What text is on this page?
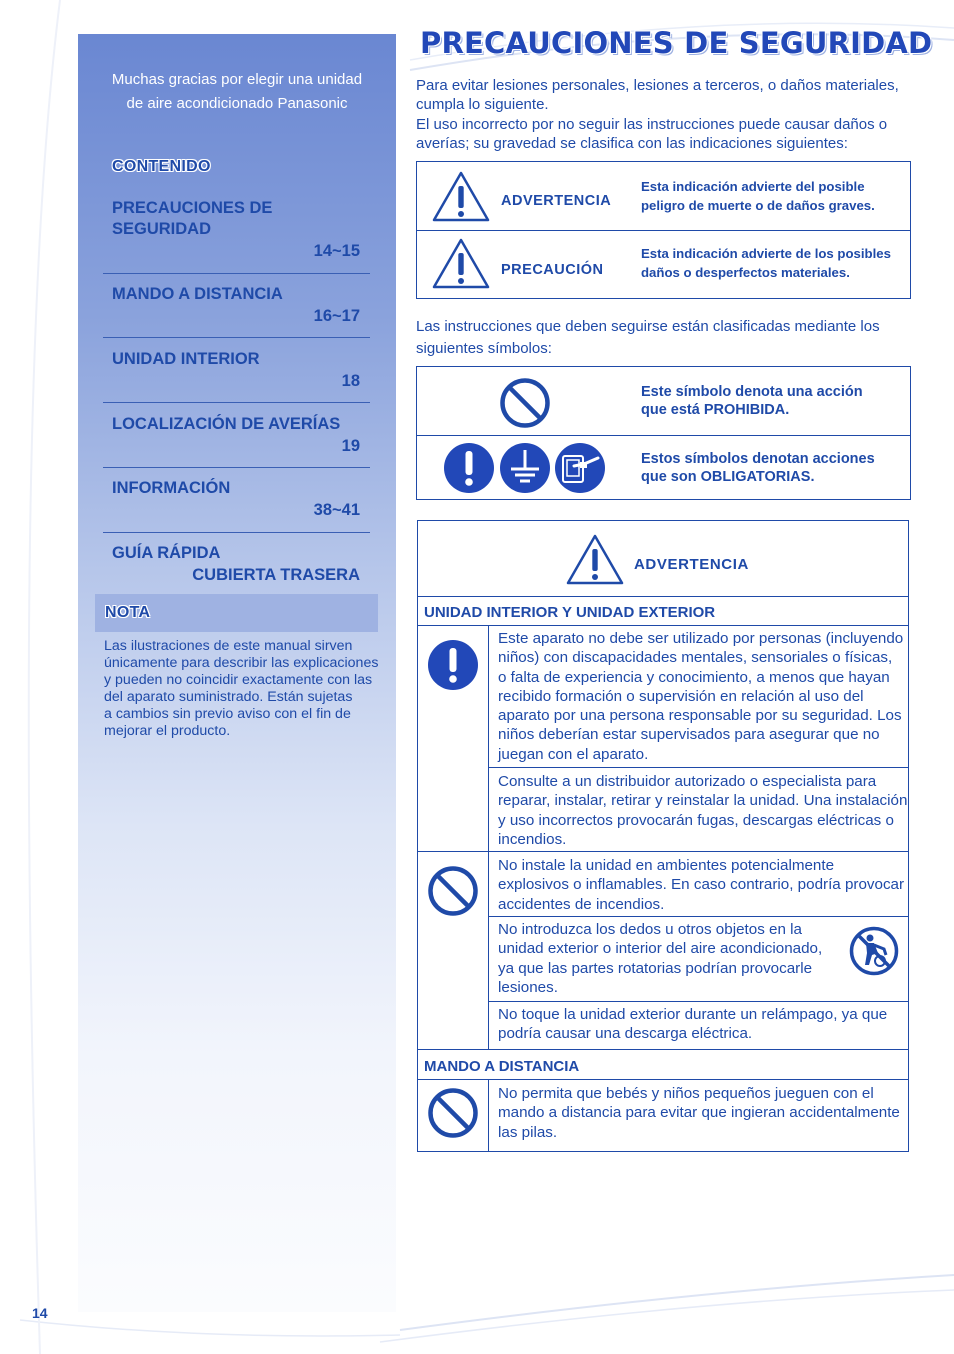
Muchas gracias por elegir una unidad
de aire acondicionado Panasonic
CONTENIDO
PRECAUCIONES DE
SEGURIDAD
14~15
MANDO A DISTANCIA
16~17
UNIDAD INTERIOR
18
LOCALIZACIÓN DE AVERÍAS
19
INFORMACIÓN
38~41
GUÍA RÁPIDA
CUBIERTA TRASERA
NOTA
Las ilustraciones de este manual sirven
únicamente para describir las explicaciones
y pueden no coincidir exactamente con las
del aparato suministrado. Están sujetas
a cambios sin previo aviso con el fin de
mejorar el producto.
14
PRECAUCIONES DE SEGURIDAD
Para evitar lesiones personales, lesiones a terceros, o daños materiales,
cumpla lo siguiente.
El uso incorrecto por no seguir las instrucciones puede causar daños o
averías; su gravedad se clasifica con las indicaciones siguientes:
ADVERTENCIA
Esta indicación advierte del posible
peligro de muerte o de daños graves.
PRECAUCIÓN
Esta indicación advierte de los posibles
daños o desperfectos materiales.
Las instrucciones que deben seguirse están clasificadas mediante los
siguientes símbolos:
Este símbolo denota una acción
que está PROHIBIDA.
Estos símbolos denotan acciones
que son OBLIGATORIAS.
ADVERTENCIA
UNIDAD INTERIOR Y UNIDAD EXTERIOR
Este aparato no debe ser utilizado por personas (incluyendo
niños) con discapacidades mentales, sensoriales o físicas,
o falta de experiencia y conocimiento, a menos que hayan
recibido formación o supervisión en relación al uso del
aparato por una persona responsable por su seguridad. Los
niños deberían estar supervisados para asegurar que no
juegan con el aparato.
Consulte a un distribuidor autorizado o especialista para
reparar, instalar, retirar y reinstalar la unidad. Una instalación
y uso incorrectos provocarán fugas, descargas eléctricas o
incendios.
No instale la unidad en ambientes potencialmente
explosivos o inflamables. En caso contrario, podría provocar
accidentes de incendios.
No introduzca los dedos u otros objetos en la
unidad exterior o interior del aire acondicionado,
ya que las partes rotatorias podrían provocarle
lesiones.
No toque la unidad exterior durante un relámpago, ya que
podría causar una descarga eléctrica.
MANDO A DISTANCIA
No permita que bebés y niños pequeños jueguen con el
mando a distancia para evitar que ingieran accidentalmente
las pilas.
